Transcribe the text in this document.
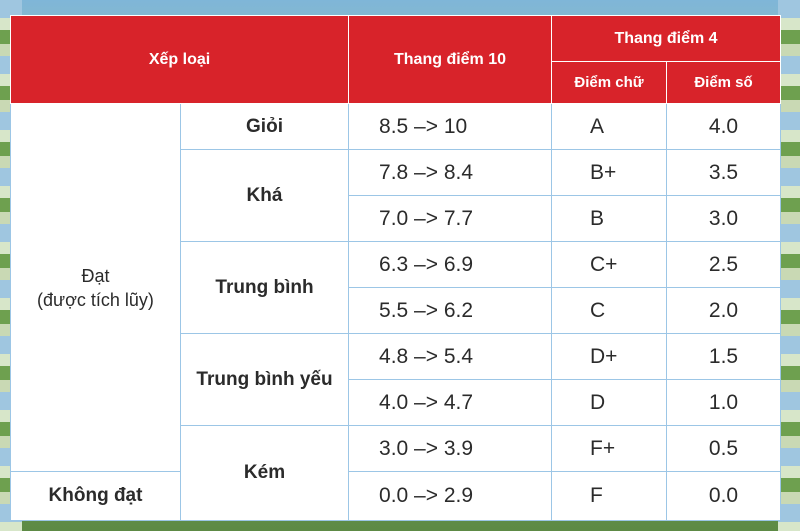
Xếp loại		Thang điểm 10	Thang điểm 4	
			Điểm chữ	Điểm số

Đạt
(được tích lũy)	Giỏi	8.5 –> 10	A	4.0
	Khá	7.8 –> 8.4	B+	3.5
		7.0 –> 7.7	B	3.0
	Trung bình	6.3 –> 6.9	C+	2.5
		5.5 –> 6.2	C	2.0
	Trung bình yếu	4.8 –> 5.4	D+	1.5
		4.0 –> 4.7	D	1.0
	Kém	3.0 –> 3.9	F+	0.5
Không đạt		0.0 –> 2.9	F	0.0
